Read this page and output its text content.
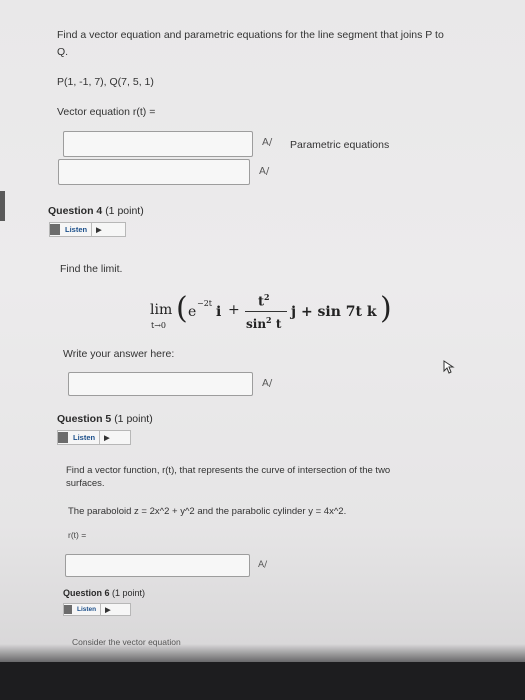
Find a vector equation and parametric equations for the line segment that joins P to
Q.
P(1, -1, 7), Q(7, 5, 1)
Vector equation r(t) =
A/
A/
Parametric equations
Question 4 (1 point)
Listen	▶
Find the limit.
lim
t→0 ( e
−2t
i +
$t^2$
$\sin^2 t$
j + sin 7t k )
Write your answer here:
A/
Question 5 (1 point)
Listen	▶
Find a vector function, r(t), that represents the curve of intersection of the two
surfaces.
The paraboloid z = 2x^2 + y^2 and the parabolic cylinder y = 4x^2.
r(t) =
A/
Question 6 (1 point)
Listen	▶
Consider the vector equation
